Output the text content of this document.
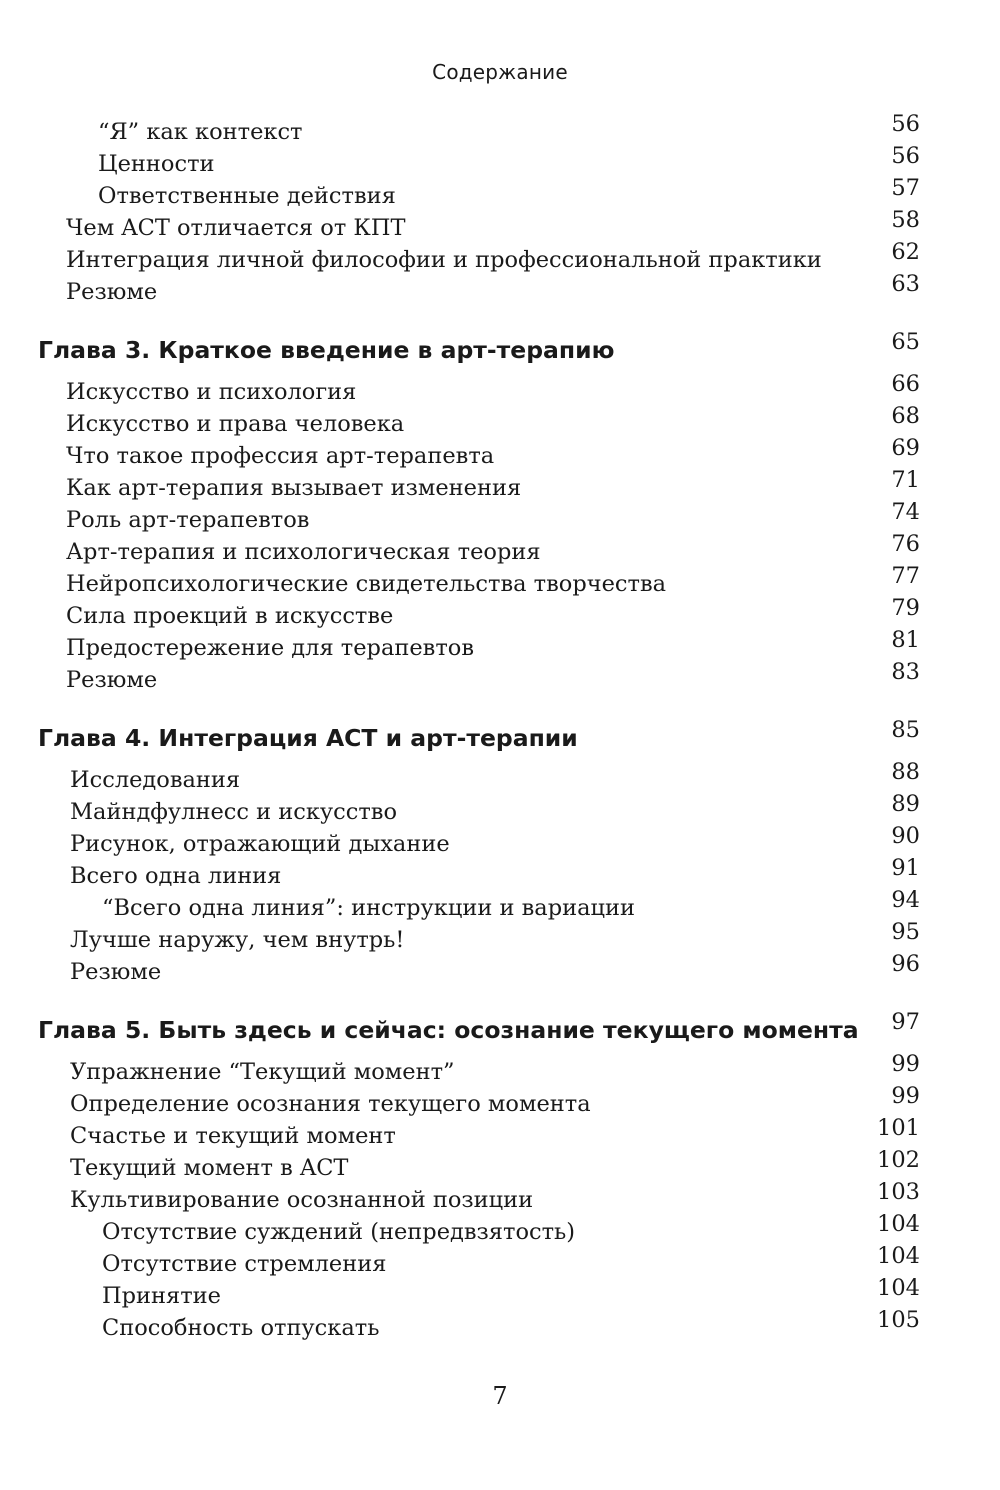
Содержание
“Я” как контекст	56
Ценности	56
Ответственные действия	57
Чем ACT отличается от КПТ	58
Интеграция личной философии и профессиональной практики	62
Резюме	63
Глава 3. Краткое введение в арт-терапию	65
Искусство и психология	66
Искусство и права человека	68
Что такое профессия арт-терапевта	69
Как арт-терапия вызывает изменения	71
Роль арт-терапевтов	74
Арт-терапия и психологическая теория	76
Нейропсихологические свидетельства творчества	77
Сила проекций в искусстве	79
Предостережение для терапевтов	81
Резюме	83
Глава 4. Интеграция ACT и арт-терапии	85
Исследования	88
Майндфулнесс и искусство	89
Рисунок, отражающий дыхание	90
Всего одна линия	91
“Всего одна линия”: инструкции и вариации	94
Лучше наружу, чем внутрь!	95
Резюме	96
Глава 5. Быть здесь и сейчас: осознание текущего момента 97
Упражнение “Текущий момент”	99
Определение осознания текущего момента	99
Счастье и текущий момент	101
Текущий момент в ACT	102
Культивирование осознанной позиции	103
Отсутствие суждений (непредвзятость)	104
Отсутствие стремления	104
Принятие	104
Способность отпускать	105
7
